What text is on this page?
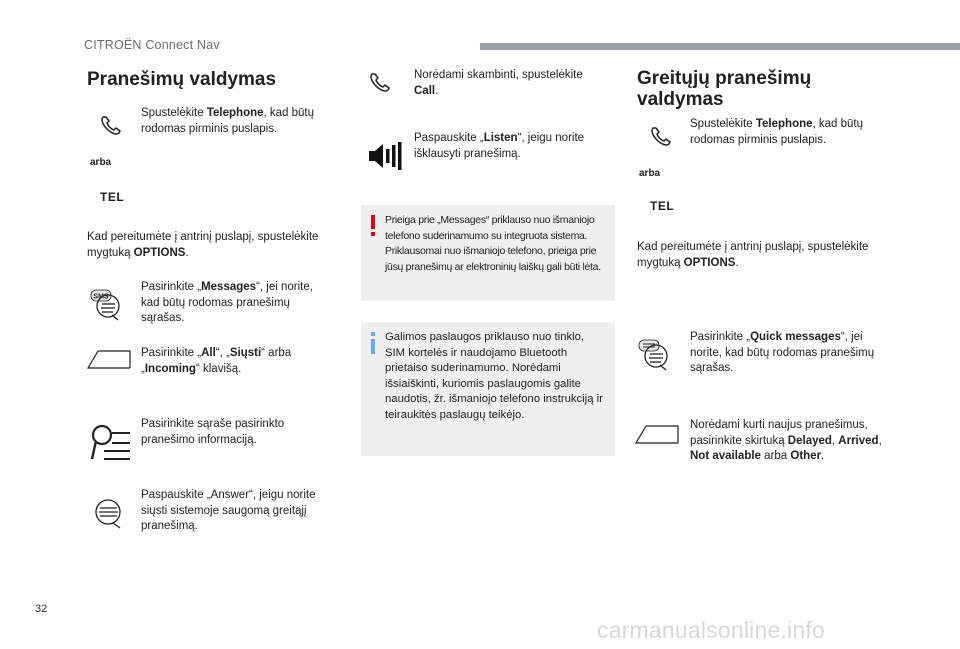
CITROËN Connect Nav
32
carmanualsonline.info
Pranešimų valdymas
Spustelėkite Telephone, kad būtų rodomas pirminis puslapis.
arba
TEL
Kad pereitumėte į antrinį puslapį, spustelėkite mygtuką OPTIONS.
SMS
Pasirinkite „Messages“, jei norite, kad būtų rodomas pranešimų sąrašas.
Pasirinkite „All“, „Siųsti“ arba „Incoming“ klavišą.
Pasirinkite sąraše pasirinkto pranešimo informaciją.
Paspauskite „Answer“, jeigu norite siųsti sistemoje saugomą greitąjį pranešimą.
Norėdami skambinti, spustelėkite Call.
Paspauskite „Listen“, jeigu norite išklausyti pranešimą.
Prieiga prie „Messages“ priklauso nuo išmaniojo telefono suderinamumo su integruota sistema. Priklausomai nuo išmaniojo telefono, prieiga prie jūsų pranešimų ar elektroninių laiškų gali būti lėta.
Galimos paslaugos priklauso nuo tinklo, SIM kortelės ir naudojamo Bluetooth prietaiso suderinamumo. Norėdami išsiaiškinti, kuriomis paslaugomis galite naudotis, žr. išmaniojo telefono instrukciją ir teiraukitės paslaugų teikėjo.
Greitųjų pranešimų valdymas
Spustelėkite Telephone, kad būtų rodomas pirminis puslapis.
arba
TEL
Kad pereitumėte į antrinį puslapį, spustelėkite mygtuką OPTIONS.
Pasirinkite „Quick messages“, jei norite, kad būtų rodomas pranešimų sąrašas.
Norėdami kurti naujus pranešimus, pasirinkite skirtuką Delayed, Arrived, Not available arba Other.
